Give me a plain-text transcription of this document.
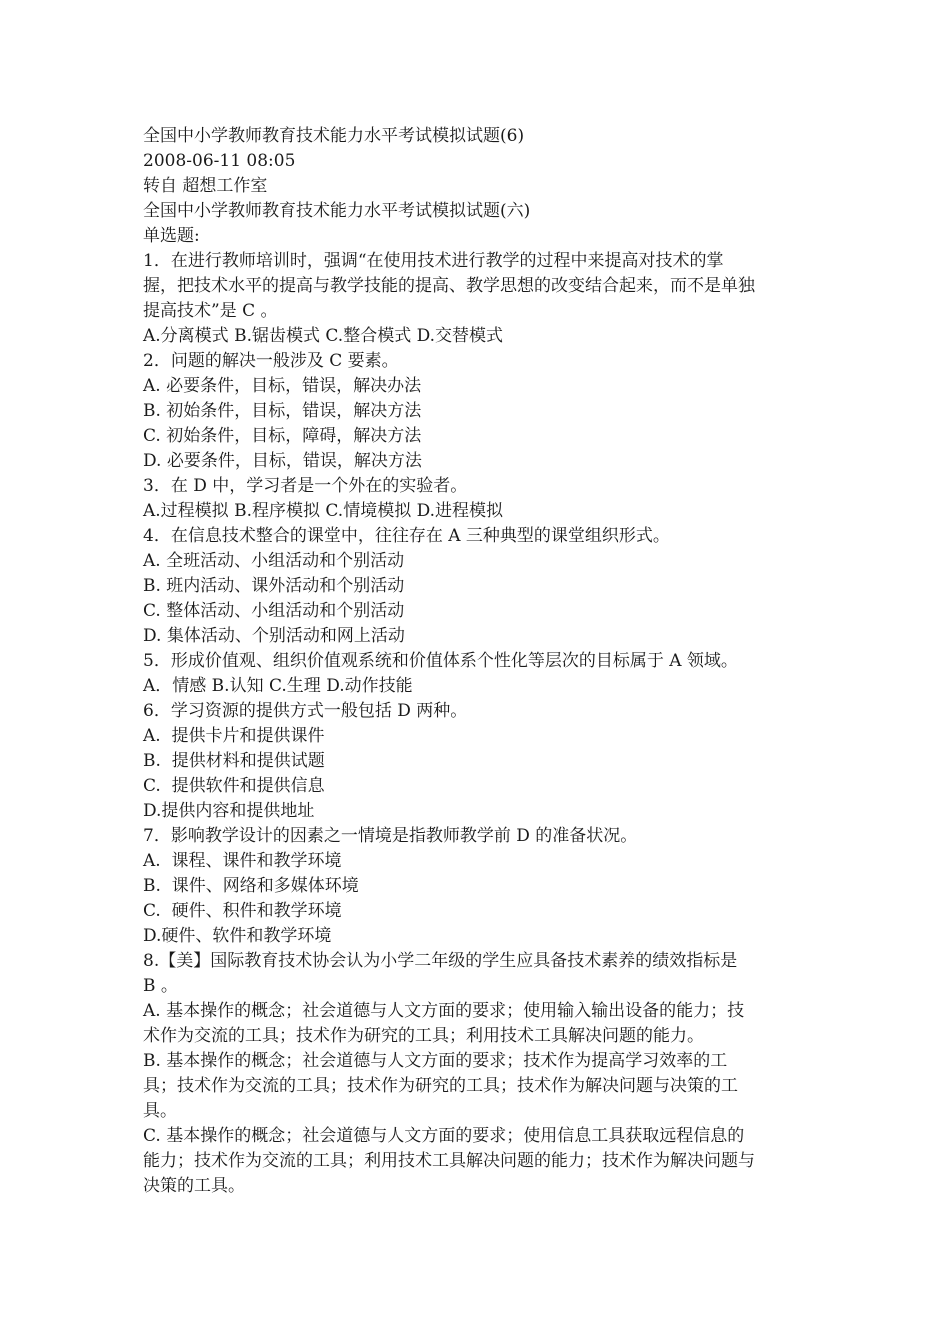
全国中小学教师教育技术能力水平考试模拟试题(6)
2008-06-11 08:05
转自 超想工作室
全国中小学教师教育技术能力水平考试模拟试题(六)
单选题:
1．在进行教师培训时，强调“在使用技术进行教学的过程中来提高对技术的掌
握，把技术水平的提高与教学技能的提高、教学思想的改变结合起来，而不是单独
提高技术”是 C 。
A.分离模式 B.锯齿模式 C.整合模式 D.交替模式
2．问题的解决一般涉及 C 要素。
A. 必要条件，目标，错误，解决办法
B. 初始条件，目标，错误，解决方法
C. 初始条件，目标，障碍，解决方法
D. 必要条件，目标，错误，解决方法
3．在 D 中，学习者是一个外在的实验者。
A.过程模拟 B.程序模拟 C.情境模拟 D.进程模拟
4．在信息技术整合的课堂中，往往存在 A 三种典型的课堂组织形式。
A. 全班活动、小组活动和个别活动
B. 班内活动、课外活动和个别活动
C. 整体活动、小组活动和个别活动
D. 集体活动、个别活动和网上活动
5．形成价值观、组织价值观系统和价值体系个性化等层次的目标属于 A 领域。
A．情感 B.认知 C.生理 D.动作技能
6．学习资源的提供方式一般包括 D 两种。
A.  提供卡片和提供课件
B.  提供材料和提供试题
C.  提供软件和提供信息
D.提供内容和提供地址
7．影响教学设计的因素之一情境是指教师教学前 D 的准备状况。
A.  课程、课件和教学环境
B.  课件、网络和多媒体环境
C.  硬件、积件和教学环境
D.硬件、软件和教学环境
8.【美】国际教育技术协会认为小学二年级的学生应具备技术素养的绩效指标是
B 。
A. 基本操作的概念；社会道德与人文方面的要求；使用输入输出设备的能力；技
术作为交流的工具；技术作为研究的工具；利用技术工具解决问题的能力。
B. 基本操作的概念；社会道德与人文方面的要求；技术作为提高学习效率的工
具；技术作为交流的工具；技术作为研究的工具；技术作为解决问题与决策的工
具。
C. 基本操作的概念；社会道德与人文方面的要求；使用信息工具获取远程信息的
能力；技术作为交流的工具；利用技术工具解决问题的能力；技术作为解决问题与
决策的工具。
